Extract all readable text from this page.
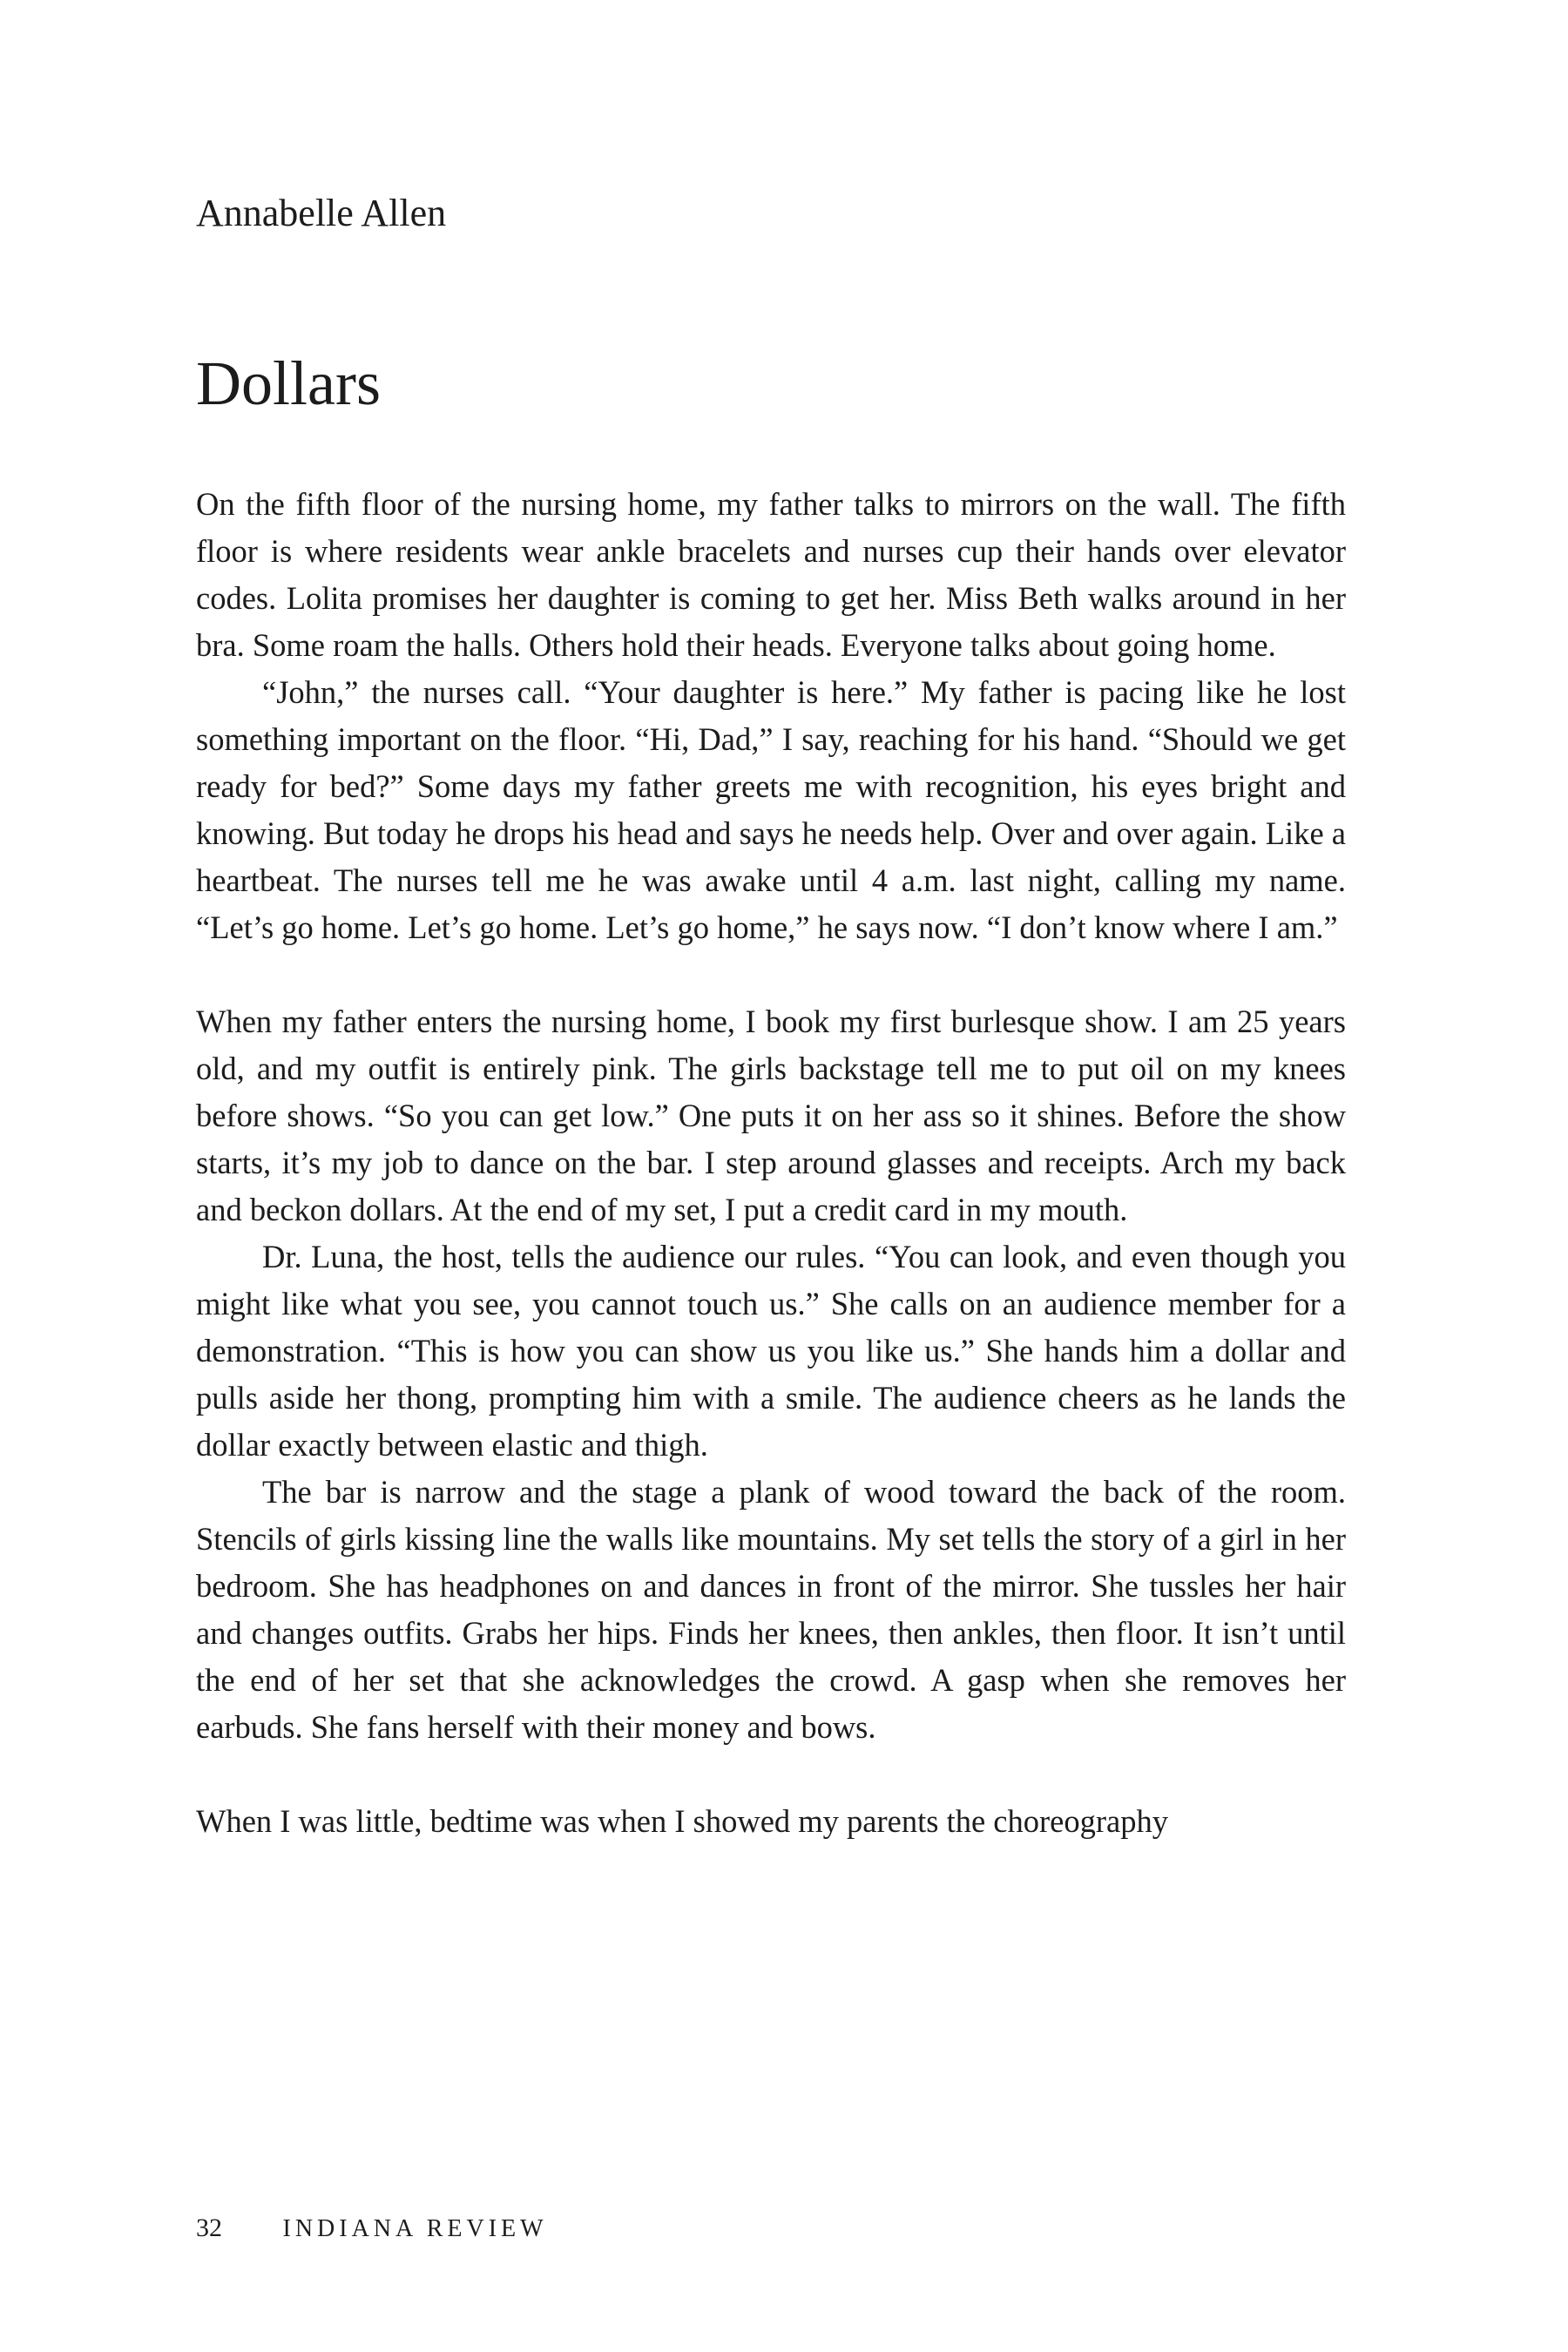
Annabelle Allen
Dollars

On the fifth floor of the nursing home, my father talks to mirrors on the wall. The fifth floor is where residents wear ankle bracelets and nurses cup their hands over elevator codes. Lolita promises her daughter is coming to get her. Miss Beth walks around in her bra. Some roam the halls. Others hold their heads. Everyone talks about going home.

“John,” the nurses call. “Your daughter is here.” My father is pacing like he lost something important on the floor. “Hi, Dad,” I say, reaching for his hand. “Should we get ready for bed?” Some days my father greets me with recognition, his eyes bright and knowing. But today he drops his head and says he needs help. Over and over again. Like a heartbeat. The nurses tell me he was awake until 4 a.m. last night, calling my name. “Let’s go home. Let’s go home. Let’s go home,” he says now. “I don’t know where I am.”

When my father enters the nursing home, I book my first burlesque show. I am 25 years old, and my outfit is entirely pink. The girls backstage tell me to put oil on my knees before shows. “So you can get low.” One puts it on her ass so it shines. Before the show starts, it’s my job to dance on the bar. I step around glasses and receipts. Arch my back and beckon dollars. At the end of my set, I put a credit card in my mouth.

Dr. Luna, the host, tells the audience our rules. “You can look, and even though you might like what you see, you cannot touch us.” She calls on an audience member for a demonstration. “This is how you can show us you like us.” She hands him a dollar and pulls aside her thong, prompting him with a smile. The audience cheers as he lands the dollar exactly between elastic and thigh.

The bar is narrow and the stage a plank of wood toward the back of the room. Stencils of girls kissing line the walls like mountains. My set tells the story of a girl in her bedroom. She has headphones on and dances in front of the mirror. She tussles her hair and changes outfits. Grabs her hips. Finds her knees, then ankles, then floor. It isn’t until the end of her set that she acknowledges the crowd. A gasp when she removes her earbuds. She fans herself with their money and bows.

When I was little, bedtime was when I showed my parents the choreography

32 INDIANA REVIEW
